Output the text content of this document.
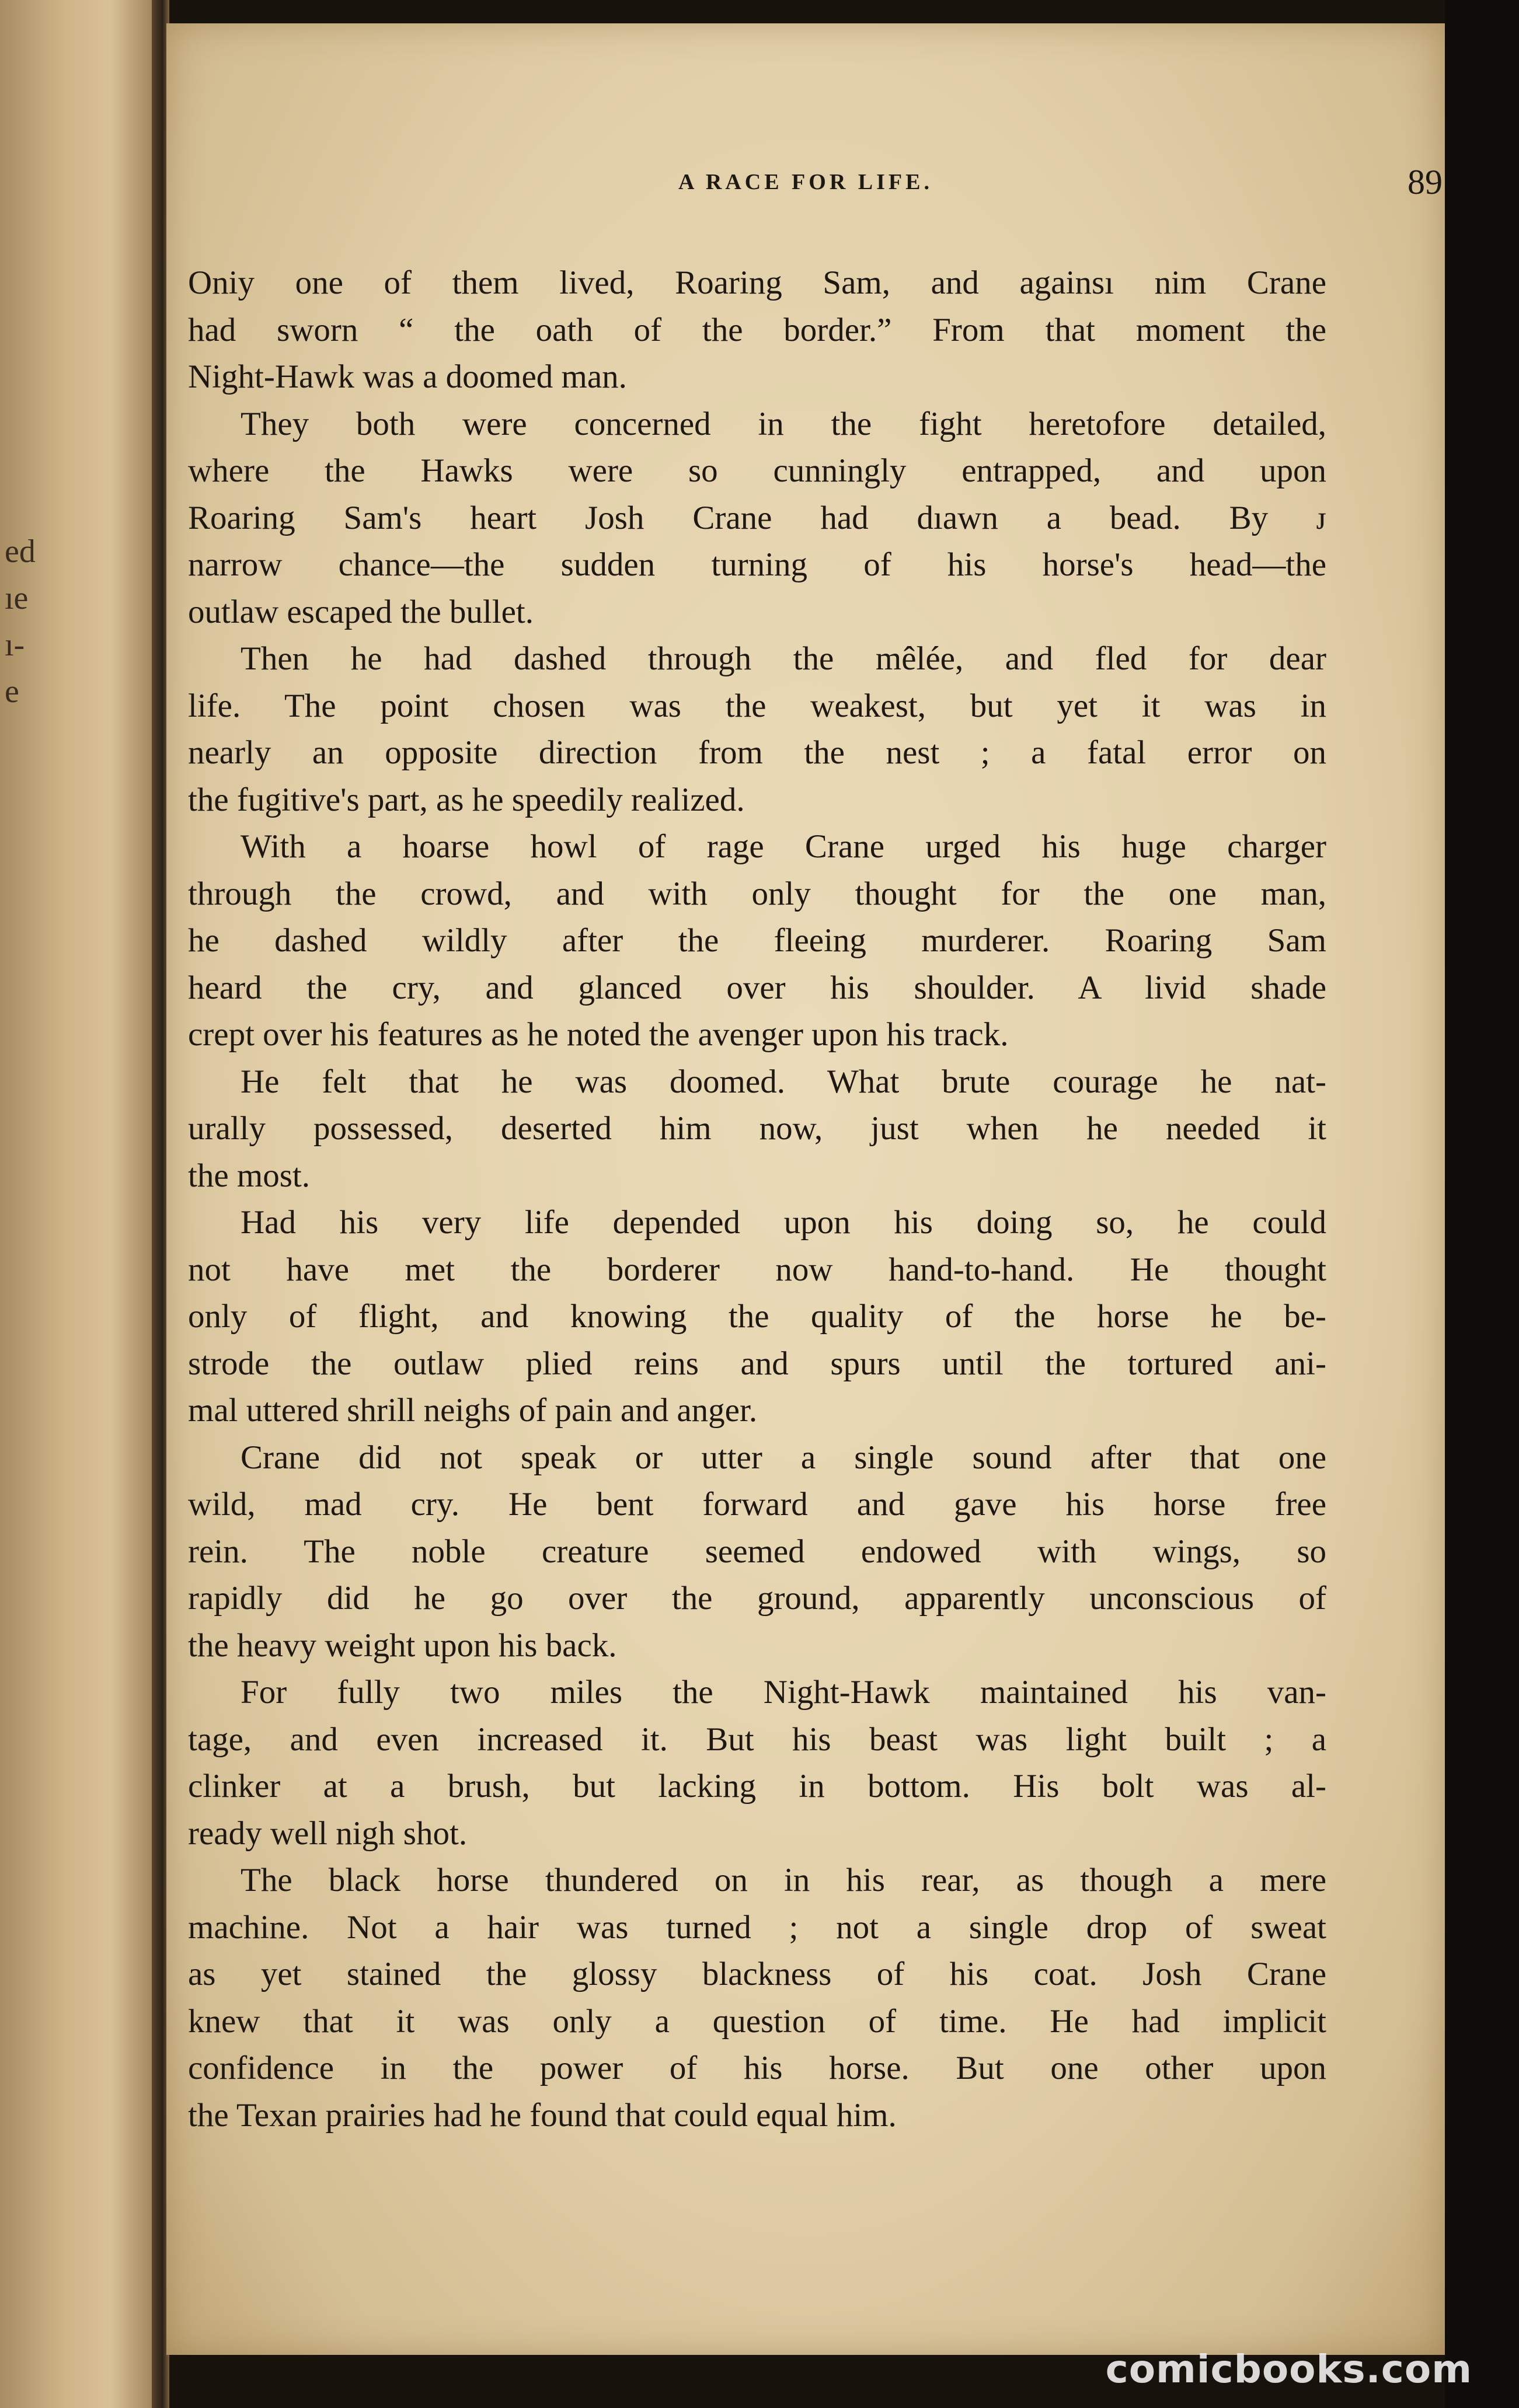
ed
ıe
ı-
e
A RACE FOR LIFE.	89
Oniy one of them lived, Roaring Sam, and againsı nim Crane
had sworn “ the oath of the border.” From that moment the
Night-Hawk was a doomed man.
They both were concerned in the fight heretofore detailed,
where the Hawks were so cunningly entrapped, and upon
Roaring Sam's heart Josh Crane had dıawn a bead. By ᴊ
narrow chance—the sudden turning of his horse's head—the
outlaw escaped the bullet.
Then he had dashed through the mêlée, and fled for dear
life. The point chosen was the weakest, but yet it was in
nearly an opposite direction from the nest ; a fatal error on
the fugitive's part, as he speedily realized.
With a hoarse howl of rage Crane urged his huge charger
through the crowd, and with only thought for the one man,
he dashed wildly after the fleeing murderer. Roaring Sam
heard the cry, and glanced over his shoulder. A livid shade
crept over his features as he noted the avenger upon his track.
He felt that he was doomed. What brute courage he nat-
urally possessed, deserted him now, just when he needed it
the most.
Had his very life depended upon his doing so, he could
not have met the borderer now hand-to-hand. He thought
only of flight, and knowing the quality of the horse he be-
strode the outlaw plied reins and spurs until the tortured ani-
mal uttered shrill neighs of pain and anger.
Crane did not speak or utter a single sound after that one
wild, mad cry. He bent forward and gave his horse free
rein. The noble creature seemed endowed with wings, so
rapidly did he go over the ground, apparently unconscious of
the heavy weight upon his back.
For fully two miles the Night-Hawk maintained his van-
tage, and even increased it. But his beast was light built ; a
clinker at a brush, but lacking in bottom. His bolt was al-
ready well nigh shot.
The black horse thundered on in his rear, as though a mere
machine. Not a hair was turned ; not a single drop of sweat
as yet stained the glossy blackness of his coat. Josh Crane
knew that it was only a question of time. He had implicit
confidence in the power of his horse. But one other upon
the Texan prairies had he found that could equal him.
comicbooks.com
